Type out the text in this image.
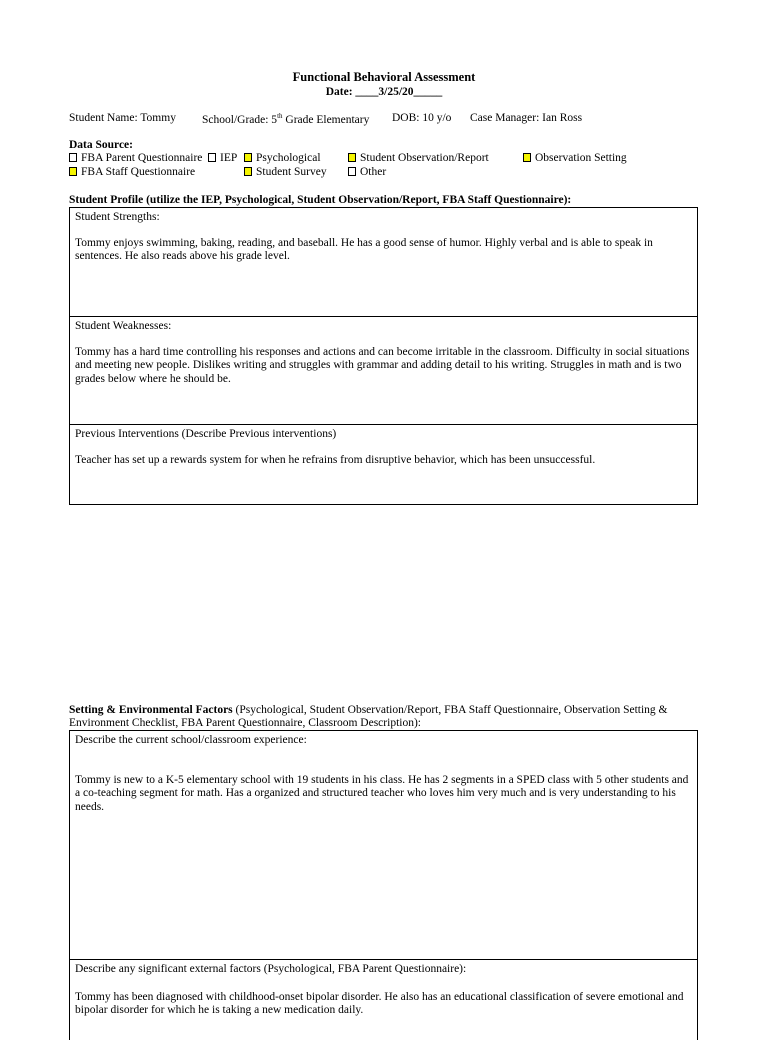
Functional Behavioral Assessment
Date: ____3/25/20_____
Student Name: Tommy School/Grade: 5th Grade Elementary DOB: 10 y/o Case Manager: Ian Ross
Data Source:
FBA Parent Questionnaire	IEP	Psychological	Student Observation/Report	Observation Setting
FBA Staff Questionnaire	Student Survey	Other
Student Profile (utilize the IEP, Psychological, Student Observation/Report, FBA Staff Questionnaire):

Student Strengths:

Tommy enjoys swimming, baking, reading, and baseball. He has a good sense of humor. Highly verbal and is able to speak in sentences. He also reads above his grade level.

Student Weaknesses:

Tommy has a hard time controlling his responses and actions and can become irritable in the classroom. Difficulty in social situations and meeting new people. Dislikes writing and struggles with grammar and adding detail to his writing. Struggles in math and is two grades below where he should be.

Previous Interventions (Describe Previous interventions)

Teacher has set up a rewards system for when he refrains from disruptive behavior, which has been unsuccessful.

Setting & Environmental Factors (Psychological, Student Observation/Report, FBA Staff Questionnaire, Observation Setting & Environment Checklist, FBA Parent Questionnaire, Classroom Description):

Describe the current school/classroom experience:

Tommy is new to a K-5 elementary school with 19 students in his class. He has 2 segments in a SPED class with 5 other students and a co-teaching segment for math. Has a organized and structured teacher who loves him very much and is very understanding to his needs.

Describe any significant external factors (Psychological, FBA Parent Questionnaire):

Tommy has been diagnosed with childhood-onset bipolar disorder. He also has an educational classification of severe emotional and bipolar disorder for which he is taking a new medication daily.
